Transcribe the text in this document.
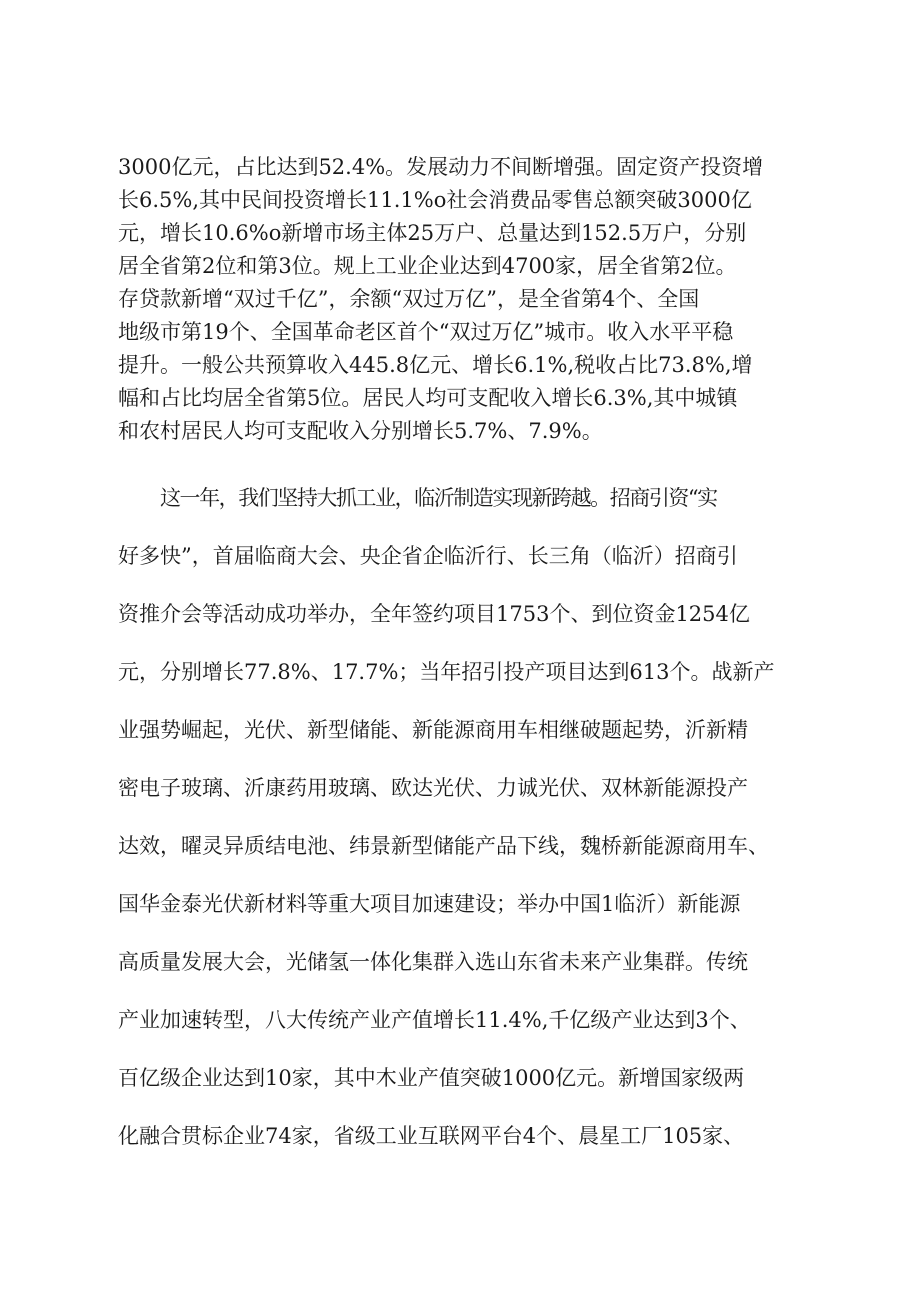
3000亿元，占比达到52.4%。发展动力不间断增强。固定资产投资增
长6.5%,其中民间投资增长11.1%o社会消费品零售总额突破3000亿
元，增长10.6%o新增市场主体25万户、总量达到152.5万户，分别
居全省第2位和第3位。规上工业企业达到4700家，居全省第2位。
存贷款新增“双过千亿”，余额“双过万亿”，是全省第4个、全国
地级市第19个、全国革命老区首个“双过万亿”城市。收入水平平稳
提升。一般公共预算收入445.8亿元、增长6.1%,税收占比73.8%,增
幅和占比均居全省第5位。居民人均可支配收入增长6.3%,其中城镇
和农村居民人均可支配收入分别增长5.7%、7.9%。
这一年，我们坚持大抓工业，临沂制造实现新跨越。招商引资“实
好多快”，首届临商大会、央企省企临沂行、长三角（临沂）招商引
资推介会等活动成功举办，全年签约项目1753个、到位资金1254亿
元，分别增长77.8%、17.7%；当年招引投产项目达到613个。战新产
业强势崛起，光伏、新型储能、新能源商用车相继破题起势，沂新精
密电子玻璃、沂康药用玻璃、欧达光伏、力诚光伏、双林新能源投产
达效，曜灵异质结电池、纬景新型储能产品下线，魏桥新能源商用车、
国华金泰光伏新材料等重大项目加速建设；举办中国1临沂）新能源
高质量发展大会，光储氢一体化集群入选山东省未来产业集群。传统
产业加速转型，八大传统产业产值增长11.4%,千亿级产业达到3个、
百亿级企业达到10家，其中木业产值突破1000亿元。新增国家级两
化融合贯标企业74家，省级工业互联网平台4个、晨星工厂105家、
